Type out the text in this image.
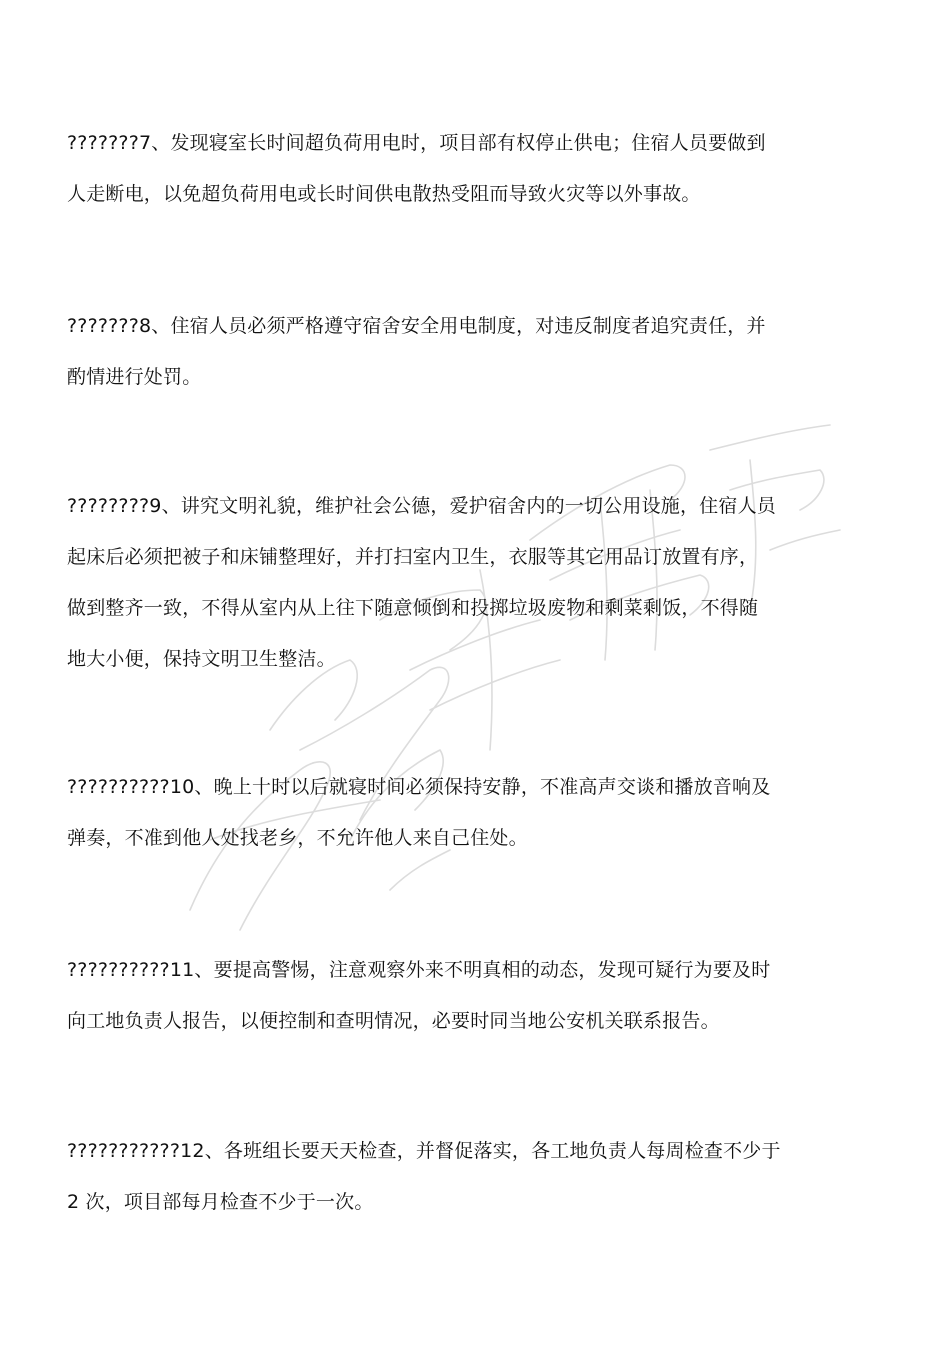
???????7、发现寝室长时间超负荷用电时，项目部有权停止供电；住宿人员要做到
人走断电，以免超负荷用电或长时间供电散热受阻而导致火灾等以外事故。

???????8、住宿人员必须严格遵守宿舍安全用电制度，对违反制度者追究责任，并
酌情进行处罚。

????????9、讲究文明礼貌，维护社会公德，爱护宿舍内的一切公用设施，住宿人员
起床后必须把被子和床铺整理好，并打扫室内卫生，衣服等其它用品订放置有序，
做到整齐一致，不得从室内从上往下随意倾倒和投掷垃圾废物和剩菜剩饭，不得随
地大小便，保持文明卫生整洁。

??????????10、晚上十时以后就寝时间必须保持安静，不准高声交谈和播放音响及
弹奏，不准到他人处找老乡，不允许他人来自己住处。

??????????11、要提高警惕，注意观察外来不明真相的动态，发现可疑行为要及时
向工地负责人报告，以便控制和查明情况，必要时同当地公安机关联系报告。

???????????12、各班组长要天天检查，并督促落实，各工地负责人每周检查不少于
2 次，项目部每月检查不少于一次。
